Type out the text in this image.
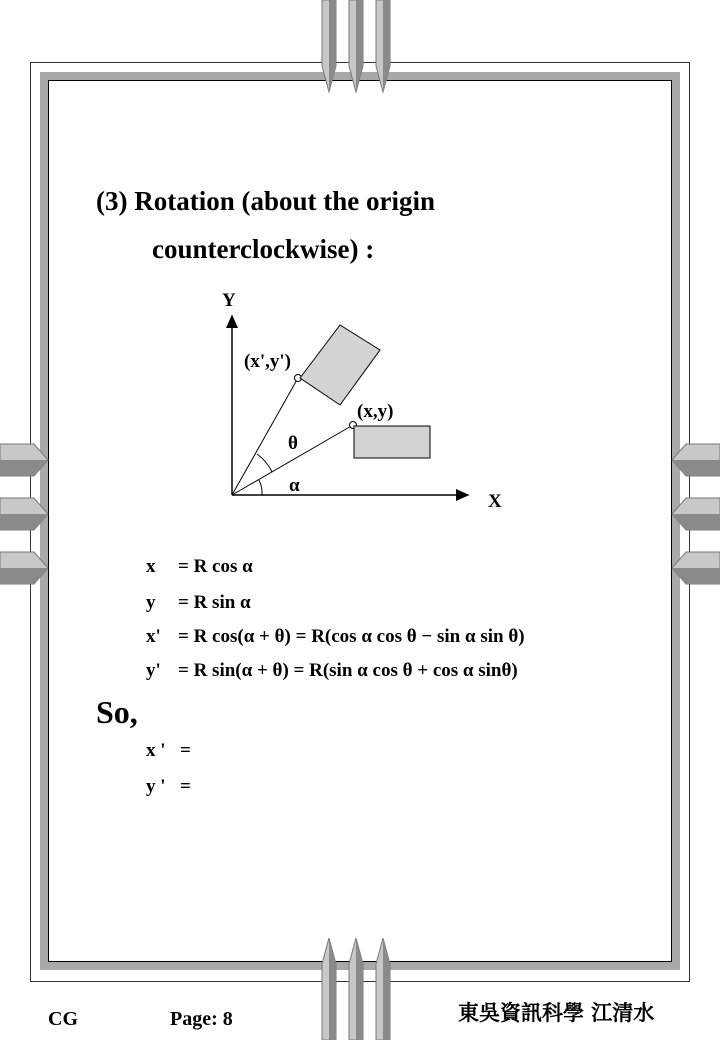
(3) Rotation (about the origin
counterclockwise) :
Y
X
(x',y')
(x,y)
θ
α
x = R cos α
y = R sin α
x' = R cos(α + θ) = R(cos α cos θ − sin α sin θ)
y' = R sin(α + θ) = R(sin α cos θ + cos α sinθ)
So,
x ' =
y ' =
CG	Page: 8	東吳資訊科學 江清水
